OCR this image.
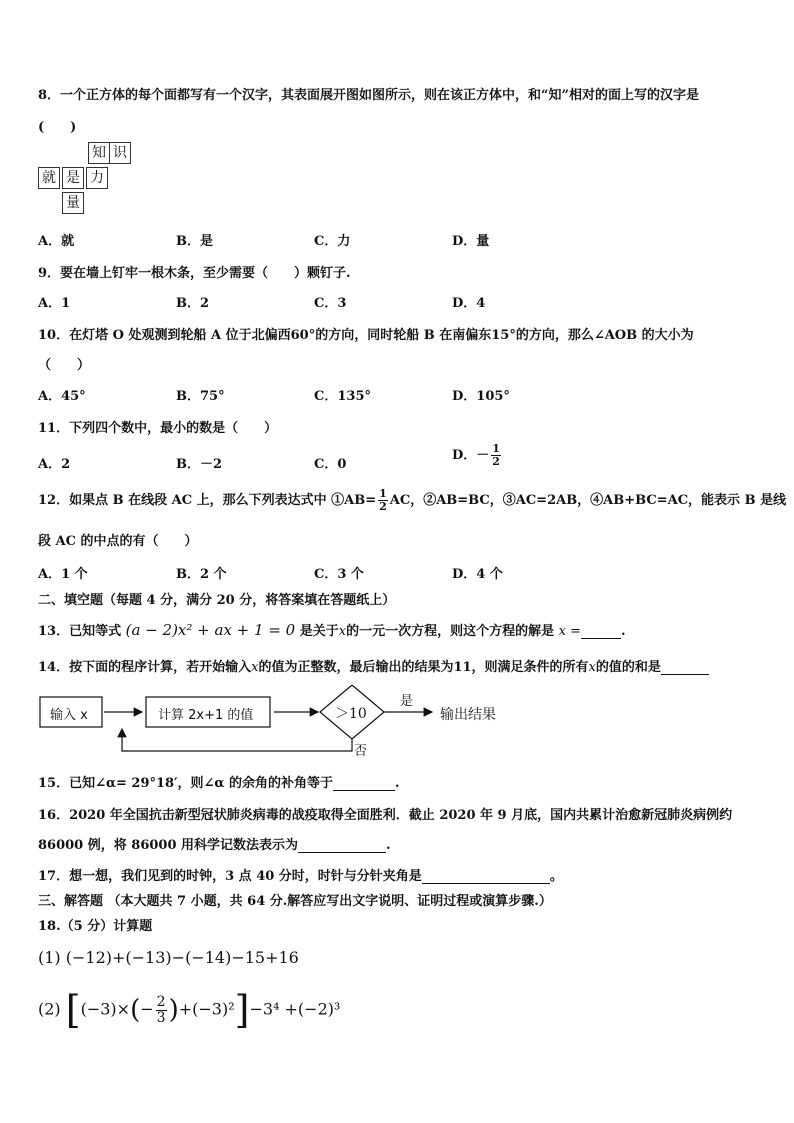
8．一个正方体的每个面都写有一个汉字，其表面展开图如图所示，则在该正方体中，和“知”相对的面上写的汉字是
(　　)
知 识
就 是 力
量
A．就	B．是	C．力	D．量
9．要在墙上钉牢一根木条，至少需要（　　）颗钉子.
A．1	B．2	C．3	D．4
10．在灯塔 O 处观测到轮船 A 位于北偏西60°的方向，同时轮船 B 在南偏东15°的方向，那么∠AOB 的大小为
（　　）
A．45°	B．75°	C．135°	D．105°
11．下列四个数中，最小的数是（　　）
A．2	B．－2	C．0
D．－ $\frac{1}{2}$
12．如果点 B 在线段 AC 上，那么下列表达式中 ①AB= $\frac{1}{2}$ AC，②AB=BC，③AC=2AB，④AB+BC=AC，能表示 B 是线
段 AC 的中点的有（　　）
A．1 个	B．2 个	C．3 个	D．4 个
二、填空题（每题 4 分，满分 20 分，将答案填在答题纸上）
13．已知等式 (a − 2)x² + ax + 1 = 0 是关于x的一元一次方程，则这个方程的解是 x =	.
14．按下面的程序计算，若开始输入x的值为正整数，最后输出的结果为11，则满足条件的所有x的值的和是
输入 x	计算 2x+1 的值	＞10
是
输出结果
否
15．已知∠α= 29°18′，则∠α 的余角的补角等于	.
16．2020 年全国抗击新型冠状肺炎病毒的战疫取得全面胜利．截止 2020 年 9 月底，国内共累计治愈新冠肺炎病例约
86000 例，将 86000 用科学记数法表示为	.
17．想一想，我们见到的时钟，3 点 40 分时，时针与分针夹角是	。
三、解答题 （本大题共 7 小题，共 64 分.解答应写出文字说明、证明过程或演算步骤.）
18.（5 分）计算题
(1) (−12)+(−13)−(−14)−15+16
(2) $[(-3)\times(- \frac{2}{3} )+(-3)^2]-3^4 +(-2)^3$
